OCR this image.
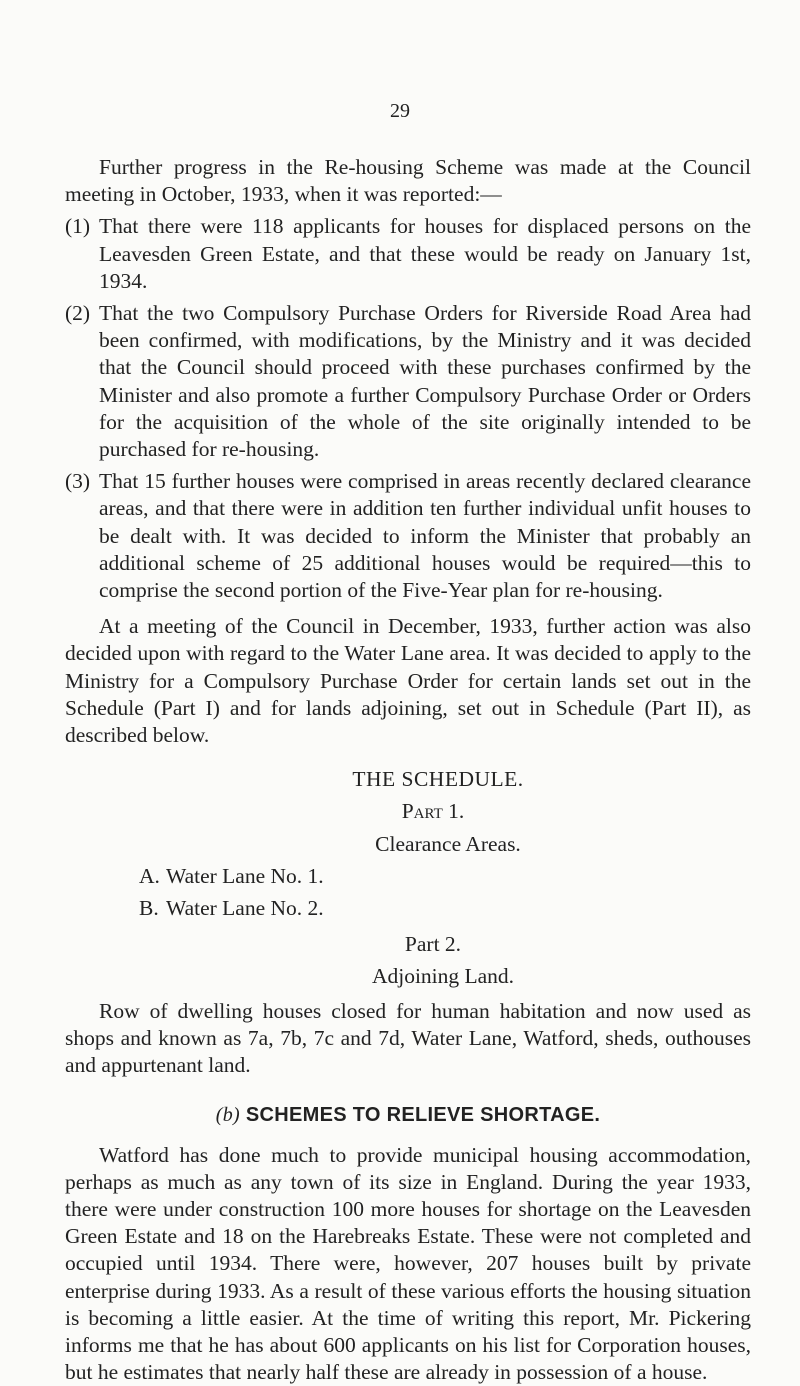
29

Further progress in the Re-housing Scheme was made at the Council meeting in October, 1933, when it was reported:—

(1) That there were 118 applicants for houses for displaced persons on the Leavesden Green Estate, and that these would be ready on January 1st, 1934.
(2) That the two Compulsory Purchase Orders for Riverside Road Area had been confirmed, with modifications, by the Ministry and it was decided that the Council should proceed with these purchases confirmed by the Minister and also promote a further Compulsory Purchase Order or Orders for the acquisition of the whole of the site originally intended to be purchased for re-housing.
(3) That 15 further houses were comprised in areas recently declared clearance areas, and that there were in addition ten further individual unfit houses to be dealt with. It was decided to inform the Minister that probably an additional scheme of 25 additional houses would be required—this to comprise the second portion of the Five-Year plan for re-housing.

At a meeting of the Council in December, 1933, further action was also decided upon with regard to the Water Lane area. It was decided to apply to the Ministry for a Compulsory Purchase Order for certain lands set out in the Schedule (Part I) and for lands adjoining, set out in Schedule (Part II), as described below.

THE SCHEDULE.
Part 1.
Clearance Areas.
A. Water Lane No. 1.
B. Water Lane No. 2.
Part 2.
Adjoining Land.

Row of dwelling houses closed for human habitation and now used as shops and known as 7a, 7b, 7c and 7d, Water Lane, Watford, sheds, outhouses and appurtenant land.

(b) SCHEMES TO RELIEVE SHORTAGE.

Watford has done much to provide municipal housing accommodation, perhaps as much as any town of its size in England. During the year 1933, there were under construction 100 more houses for shortage on the Leavesden Green Estate and 18 on the Harebreaks Estate. These were not completed and occupied until 1934. There were, however, 207 houses built by private enterprise during 1933. As a result of these various efforts the housing situation is becoming a little easier. At the time of writing this report, Mr. Pickering informs me that he has about 600 applicants on his list for Corporation houses, but he estimates that nearly half these are already in possession of a house.
